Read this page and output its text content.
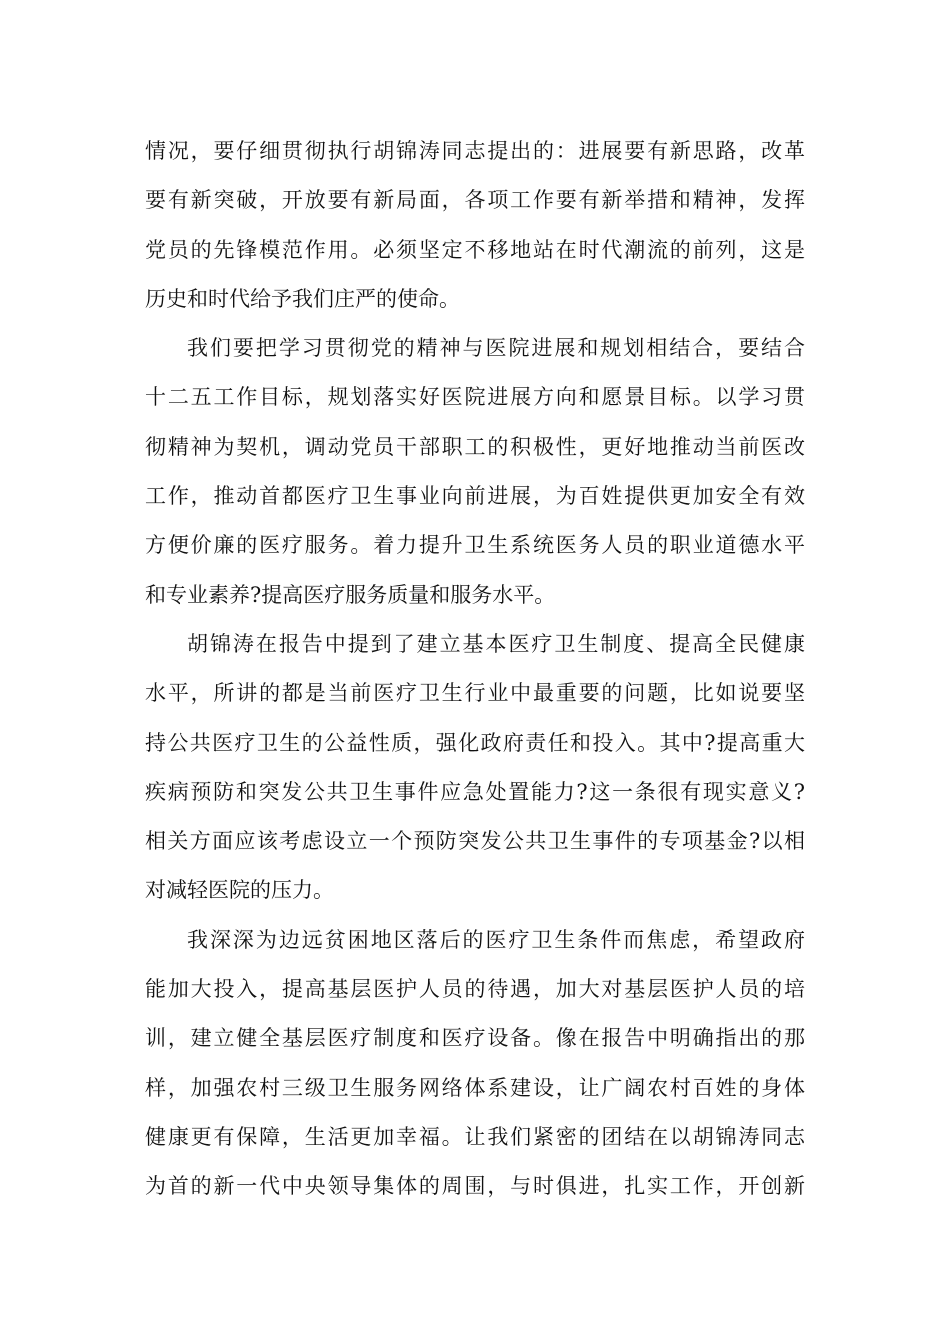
情况，要仔细贯彻执行胡锦涛同志提出的：进展要有新思路，改革
要有新突破，开放要有新局面，各项工作要有新举措和精神，发挥
党员的先锋模范作用。必须坚定不移地站在时代潮流的前列，这是
历史和时代给予我们庄严的使命。
我们要把学习贯彻党的精神与医院进展和规划相结合，要结合
十二五工作目标，规划落实好医院进展方向和愿景目标。以学习贯
彻精神为契机，调动党员干部职工的积极性，更好地推动当前医改
工作，推动首都医疗卫生事业向前进展，为百姓提供更加安全有效
方便价廉的医疗服务。着力提升卫生系统医务人员的职业道德水平
和专业素养?提高医疗服务质量和服务水平。
胡锦涛在报告中提到了建立基本医疗卫生制度、提高全民健康
水平，所讲的都是当前医疗卫生行业中最重要的问题，比如说要坚
持公共医疗卫生的公益性质，强化政府责任和投入。其中?提高重大
疾病预防和突发公共卫生事件应急处置能力?这一条很有现实意义?
相关方面应该考虑设立一个预防突发公共卫生事件的专项基金?以相
对减轻医院的压力。
我深深为边远贫困地区落后的医疗卫生条件而焦虑，希望政府
能加大投入，提高基层医护人员的待遇，加大对基层医护人员的培
训，建立健全基层医疗制度和医疗设备。像在报告中明确指出的那
样，加强农村三级卫生服务网络体系建设，让广阔农村百姓的身体
健康更有保障，生活更加幸福。让我们紧密的团结在以胡锦涛同志
为首的新一代中央领导集体的周围，与时俱进，扎实工作，开创新
